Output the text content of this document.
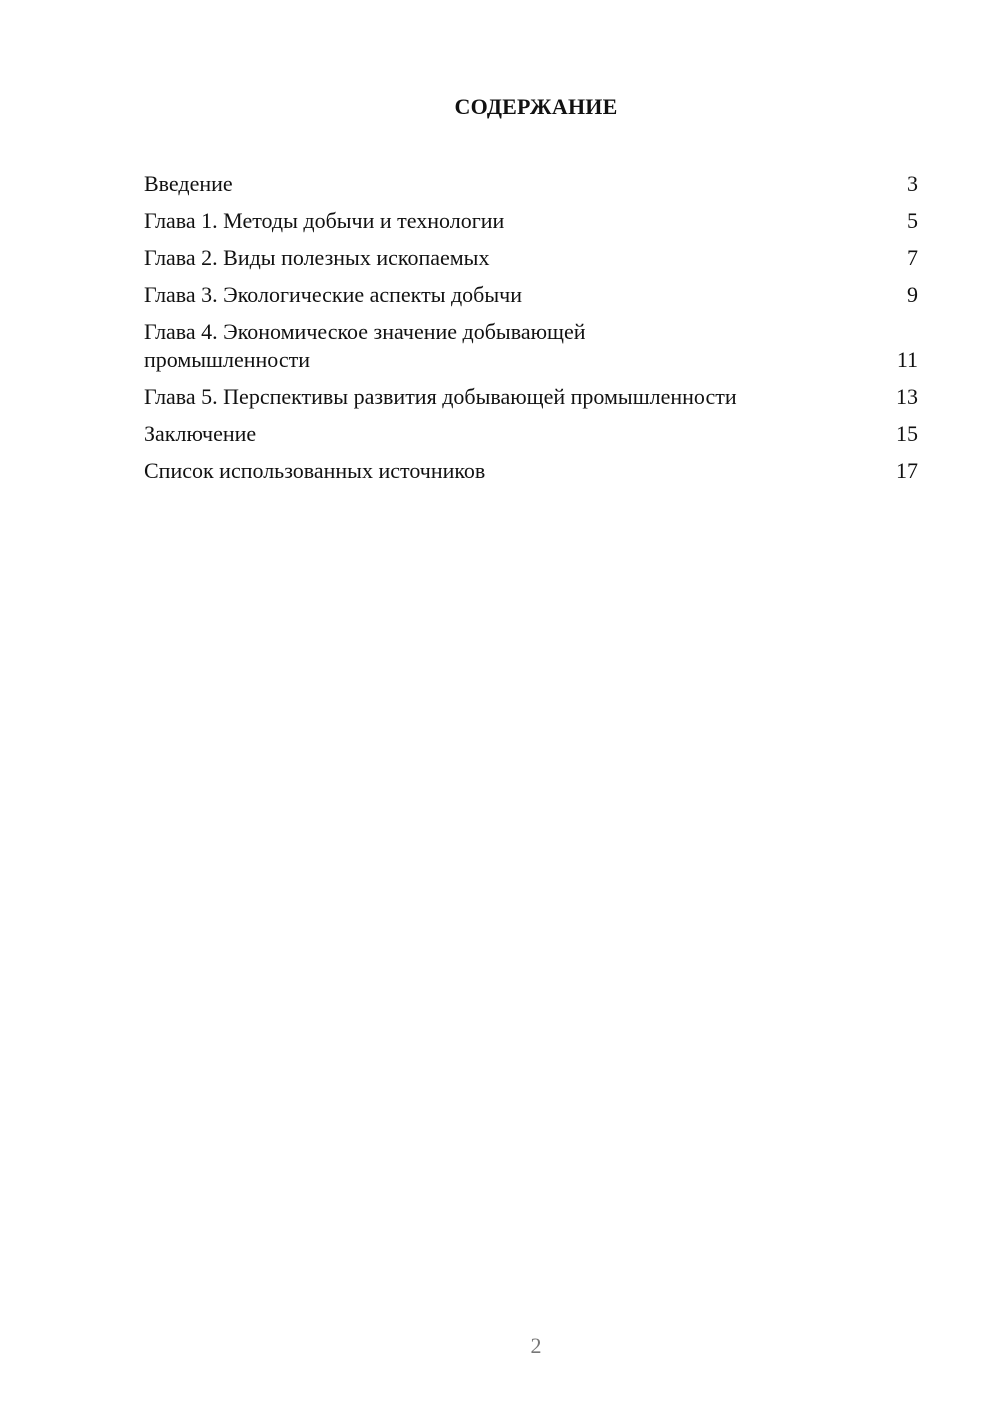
СОДЕРЖАНИЕ
Введение	3
Глава 1. Методы добычи и технологии	5
Глава 2. Виды полезных ископаемых	7
Глава 3. Экологические аспекты добычи	9
Глава 4. Экономическое значение добывающей промышленности	11
Глава 5. Перспективы развития добывающей промышленности	13
Заключение	15
Список использованных источников	17
2
